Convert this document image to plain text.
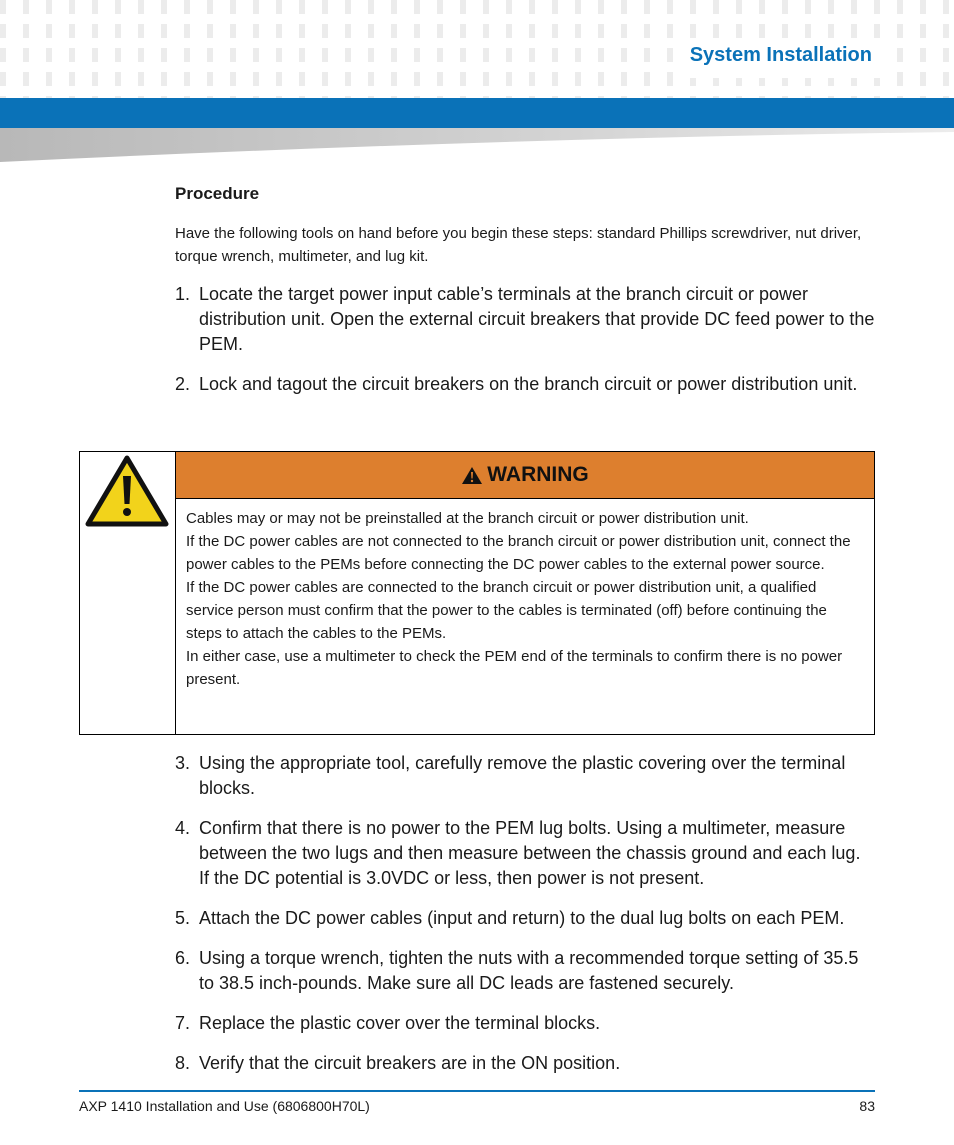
System Installation
Procedure

Have the following tools on hand before you begin these steps: standard Phillips screwdriver, nut driver, torque wrench, multimeter, and lug kit.

1. Locate the target power input cable’s terminals at the branch circuit or power distribution unit. Open the external circuit breakers that provide DC feed power to the PEM.
2. Lock and tagout the circuit breakers on the branch circuit or power distribution unit.
WARNING

Cables may or may not be preinstalled at the branch circuit or power distribution unit.

If the DC power cables are not connected to the branch circuit or power distribution unit, connect the power cables to the PEMs before connecting the DC power cables to the external power source.

If the DC power cables are connected to the branch circuit or power distribution unit, a qualified service person must confirm that the power to the cables is terminated (off) before continuing the steps to attach the cables to the PEMs.

In either case, use a multimeter to check the PEM end of the terminals to confirm there is no power present.

3. Using the appropriate tool, carefully remove the plastic covering over the terminal blocks.
4. Confirm that there is no power to the PEM lug bolts. Using a multimeter, measure between the two lugs and then measure between the chassis ground and each lug. If the DC potential is 3.0VDC or less, then power is not present.
5. Attach the DC power cables (input and return) to the dual lug bolts on each PEM.
6. Using a torque wrench, tighten the nuts with a recommended torque setting of 35.5 to 38.5 inch-pounds. Make sure all DC leads are fastened securely.
7. Replace the plastic cover over the terminal blocks.
8. Verify that the circuit breakers are in the ON position.
AXP 1410 Installation and Use (6806800H70L)	83
